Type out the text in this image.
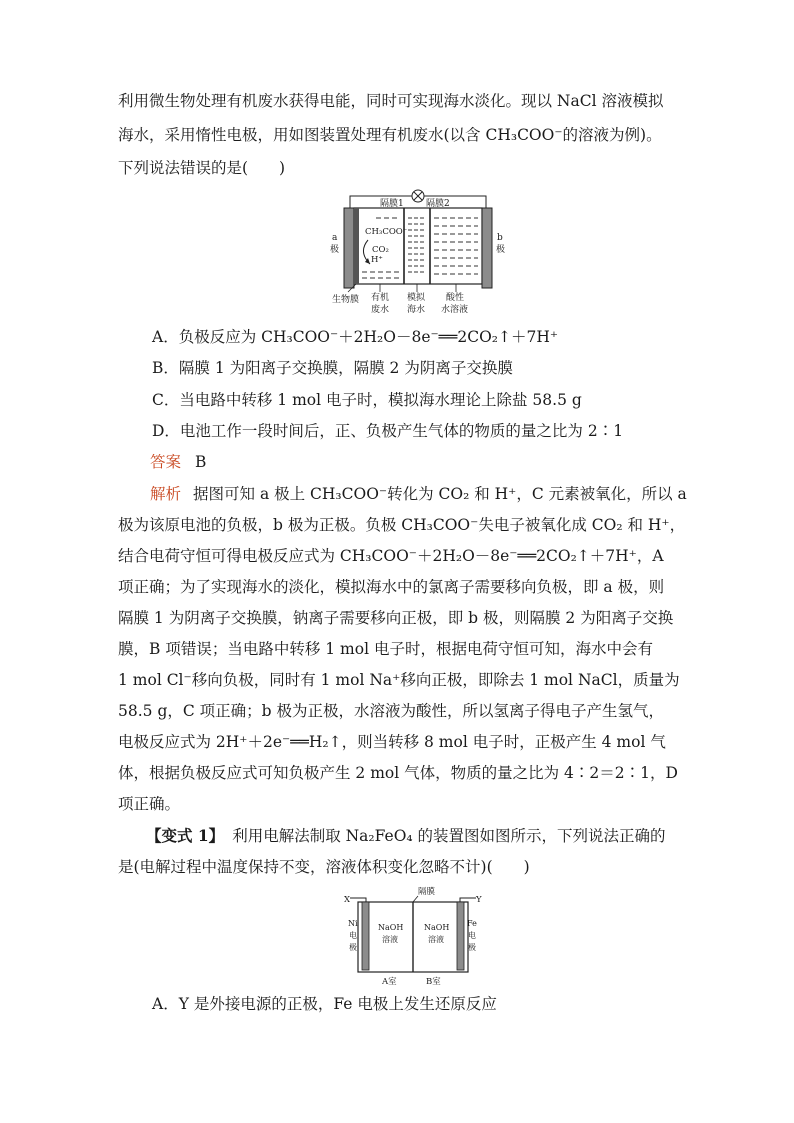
利用微生物处理有机废水获得电能，同时可实现海水淡化。现以 NaCl 溶液模拟
海水，采用惰性电极，用如图装置处理有机废水(以含 CH₃COO⁻的溶液为例)。
下列说法错误的是(　　)
隔膜1 隔膜2
a
极
b
极
CH₃COO⁻
CO₂
H⁺
生物膜 有机
废水
模拟
海水
酸性
水溶液
A．负极反应为 CH₃COO⁻＋2H₂O－8e⁻══2CO₂↑＋7H⁺
B．隔膜 1 为阳离子交换膜，隔膜 2 为阴离子交换膜
C．当电路中转移 1 mol 电子时，模拟海水理论上除盐 58.5 g
D．电池工作一段时间后，正、负极产生气体的物质的量之比为 2∶1
答案 B
解析 据图可知 a 极上 CH₃COO⁻转化为 CO₂ 和 H⁺，C 元素被氧化，所以 a
极为该原电池的负极，b 极为正极。负极 CH₃COO⁻失电子被氧化成 CO₂ 和 H⁺，
结合电荷守恒可得电极反应式为 CH₃COO⁻＋2H₂O－8e⁻══2CO₂↑＋7H⁺，A
项正确；为了实现海水的淡化，模拟海水中的氯离子需要移向负极，即 a 极，则
隔膜 1 为阴离子交换膜，钠离子需要移向正极，即 b 极，则隔膜 2 为阳离子交换
膜，B 项错误；当电路中转移 1 mol 电子时，根据电荷守恒可知，海水中会有
1 mol Cl⁻移向负极，同时有 1 mol Na⁺移向正极，即除去 1 mol NaCl，质量为
58.5 g，C 项正确；b 极为正极，水溶液为酸性，所以氢离子得电子产生氢气，
电极反应式为 2H⁺＋2e⁻══H₂↑，则当转移 8 mol 电子时，正极产生 4 mol 气
体，根据负极反应式可知负极产生 2 mol 气体，物质的量之比为 4∶2＝2∶1，D
项正确。
【变式 1】 利用电解法制取 Na₂FeO₄ 的装置图如图所示，下列说法正确的
是(电解过程中温度保持不变，溶液体积变化忽略不计)(　　)
X	Y
隔膜
Ni
电
极
Fe
电
极
NaOH
溶液
NaOH
溶液
A室	B室
A．Y 是外接电源的正极，Fe 电极上发生还原反应
